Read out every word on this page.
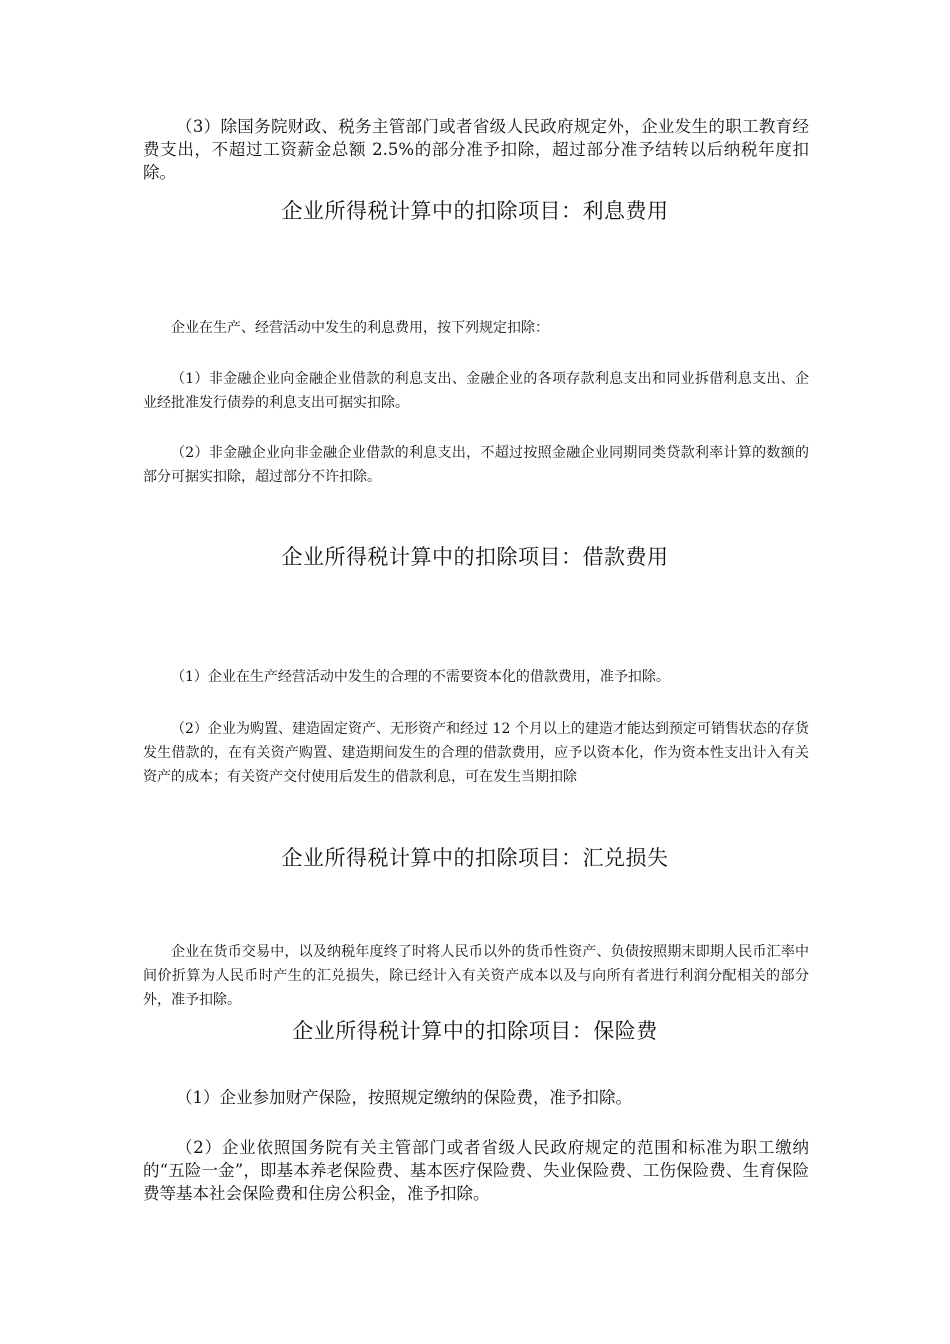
（3）除国务院财政、税务主管部门或者省级人民政府规定外，企业发生的职工教育经费支出，不超过工资薪金总额 2.5%的部分准予扣除，超过部分准予结转以后纳税年度扣除。

企业所得税计算中的扣除项目：利息费用

企业在生产、经营活动中发生的利息费用，按下列规定扣除：

（1）非金融企业向金融企业借款的利息支出、金融企业的各项存款利息支出和同业拆借利息支出、企业经批准发行债券的利息支出可据实扣除。

（2）非金融企业向非金融企业借款的利息支出，不超过按照金融企业同期同类贷款利率计算的数额的部分可据实扣除，超过部分不许扣除。

企业所得税计算中的扣除项目：借款费用

（1）企业在生产经营活动中发生的合理的不需要资本化的借款费用，准予扣除。

（2）企业为购置、建造固定资产、无形资产和经过 12 个月以上的建造才能达到预定可销售状态的存货发生借款的，在有关资产购置、建造期间发生的合理的借款费用，应予以资本化，作为资本性支出计入有关资产的成本；有关资产交付使用后发生的借款利息，可在发生当期扣除

企业所得税计算中的扣除项目：汇兑损失

企业在货币交易中，以及纳税年度终了时将人民币以外的货币性资产、负债按照期末即期人民币汇率中间价折算为人民币时产生的汇兑损失，除已经计入有关资产成本以及与向所有者进行利润分配相关的部分外，准予扣除。

企业所得税计算中的扣除项目：保险费

（1）企业参加财产保险，按照规定缴纳的保险费，准予扣除。

（2）企业依照国务院有关主管部门或者省级人民政府规定的范围和标准为职工缴纳的“五险一金”，即基本养老保险费、基本医疗保险费、失业保险费、工伤保险费、生育保险费等基本社会保险费和住房公积金，准予扣除。
